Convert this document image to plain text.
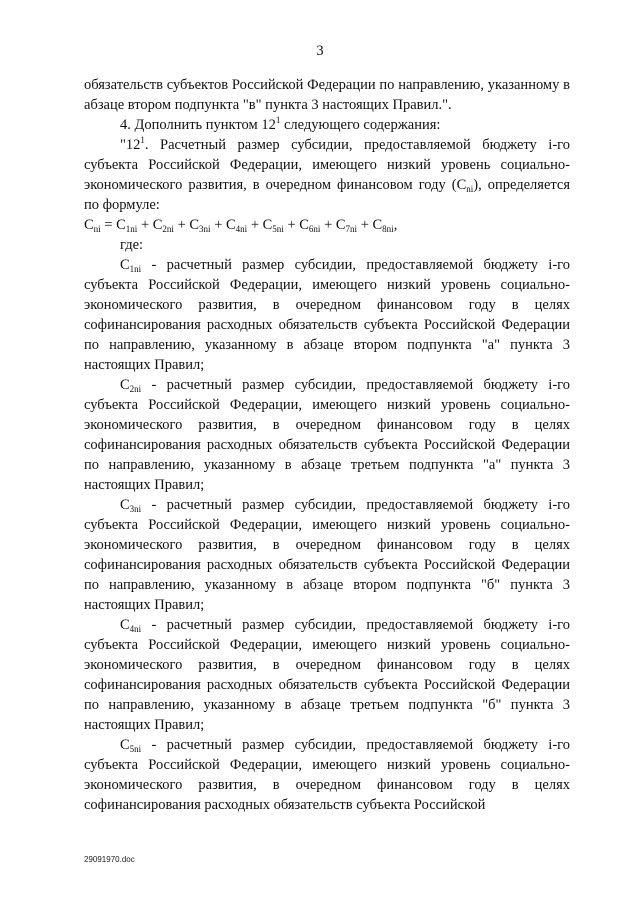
3

обязательств субъектов Российской Федерации по направлению, указанному в абзаце втором подпункта "в" пункта 3 настоящих Правил.".

4. Дополнить пунктом $12^1$ следующего содержания:

"$12^1$. Расчетный размер субсидии, предоставляемой бюджету i-го субъекта Российской Федерации, имеющего низкий уровень социально-экономического развития, в очередном финансовом году $(С_{ni})$, определяется по формуле:

$С_{ni} = С_{1ni} + С_{2ni} + С_{3ni} + С_{4ni} + С_{5ni} + С_{6ni} + С_{7ni} + С_{8ni}$,

где:

$С_{1ni}$ - расчетный размер субсидии, предоставляемой бюджету i-го субъекта Российской Федерации, имеющего низкий уровень социально-экономического развития, в очередном финансовом году в целях софинансирования расходных обязательств субъекта Российской Федерации по направлению, указанному в абзаце втором подпункта "а" пункта 3 настоящих Правил;

$С_{2ni}$ - расчетный размер субсидии, предоставляемой бюджету i-го субъекта Российской Федерации, имеющего низкий уровень социально-экономического развития, в очередном финансовом году в целях софинансирования расходных обязательств субъекта Российской Федерации по направлению, указанному в абзаце третьем подпункта "а" пункта 3 настоящих Правил;

$С_{3ni}$ - расчетный размер субсидии, предоставляемой бюджету i-го субъекта Российской Федерации, имеющего низкий уровень социально-экономического развития, в очередном финансовом году в целях софинансирования расходных обязательств субъекта Российской Федерации по направлению, указанному в абзаце втором подпункта "б" пункта 3 настоящих Правил;

$С_{4ni}$ - расчетный размер субсидии, предоставляемой бюджету i-го субъекта Российской Федерации, имеющего низкий уровень социально-экономического развития, в очередном финансовом году в целях софинансирования расходных обязательств субъекта Российской Федерации по направлению, указанному в абзаце третьем подпункта "б" пункта 3 настоящих Правил;

$С_{5ni}$ - расчетный размер субсидии, предоставляемой бюджету i-го субъекта Российской Федерации, имеющего низкий уровень социально-экономического развития, в очередном финансовом году в целях софинансирования расходных обязательств субъекта Российской

29091970.doc
